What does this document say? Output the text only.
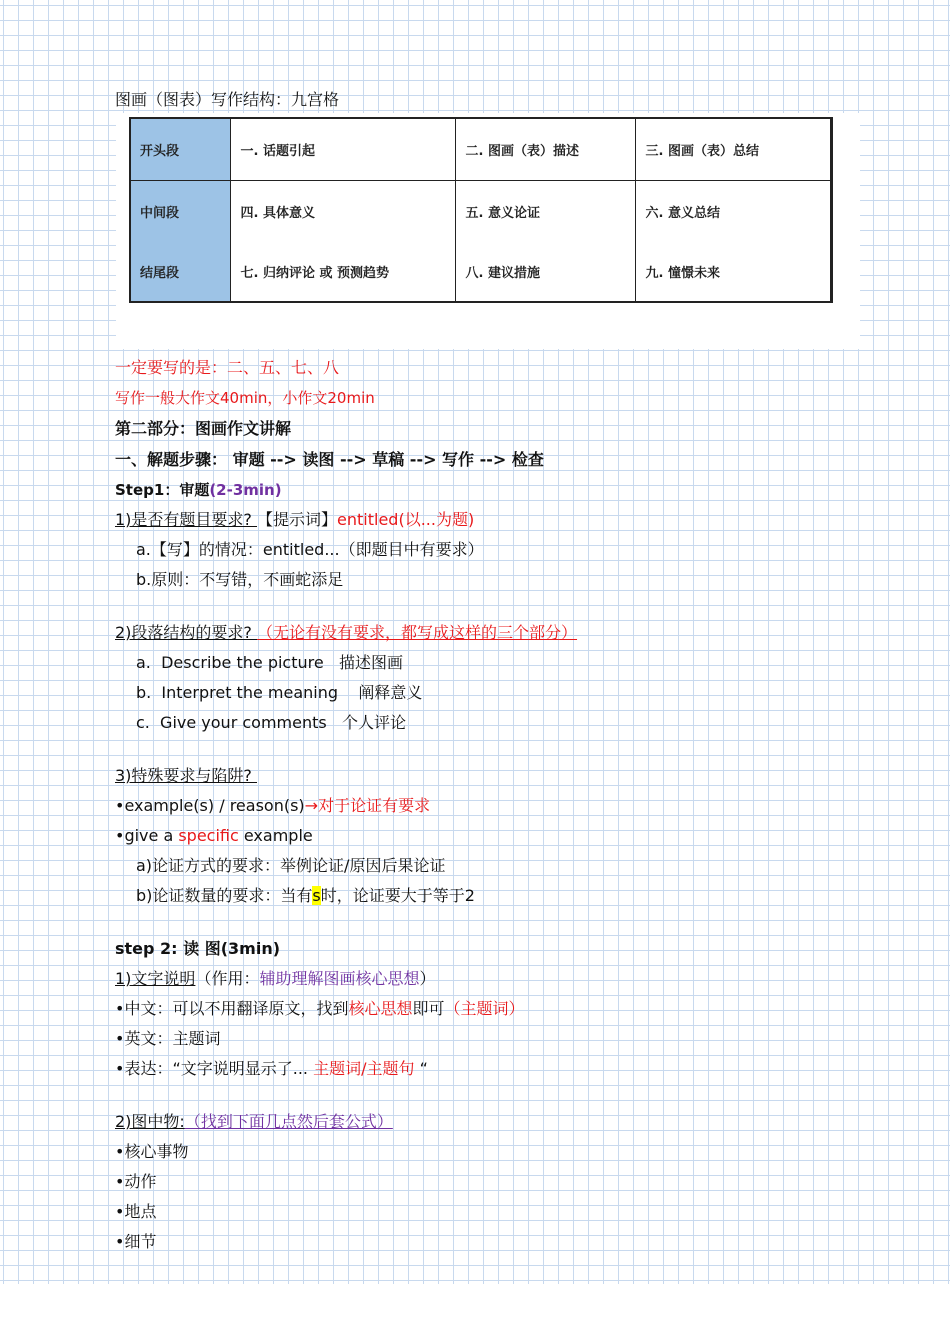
图画（图表）写作结构：九宫格
开头段	一. 话题引起	二. 图画（表）描述	三. 图画（表）总结
中间段	四. 具体意义	五. 意义论证	六. 意义总结
结尾段	七. 归纳评论 或 预测趋势	八. 建议措施	九. 憧憬未来
一定要写的是：二、五、七、八
写作一般大作文40min，小作文20min
第二部分：图画作文讲解
一、解题步骤： 审题 --> 读图 --> 草稿 --> 写作 --> 检查
Step1：审题(2-3min)
1)是否有题目要求? 【提示词】entitled(以...为题)
a.【写】的情况：entitled...（即题目中有要求）
b.原则：不写错，不画蛇添足
2)段落结构的要求? （无论有没有要求，都写成这样的三个部分）
a.  Describe the picture   描述图画
b.  Interpret the meaning    阐释意义
c.  Give your comments   个人评论
3)特殊要求与陷阱?
•example(s) / reason(s)→对于论证有要求
•give a specific example
a)论证方式的要求：举例论证/原因后果论证
b)论证数量的要求：当有s时，论证要大于等于2
step 2: 读 图(3min)
1)文字说明（作用：辅助理解图画核心思想）
•中文：可以不用翻译原文，找到核心思想即可（主题词）
•英文：主题词
•表达：“文字说明显示了... 主题词/主题句 “
2)图中物:（找到下面几点然后套公式）
•核心事物
•动作
•地点
•细节
